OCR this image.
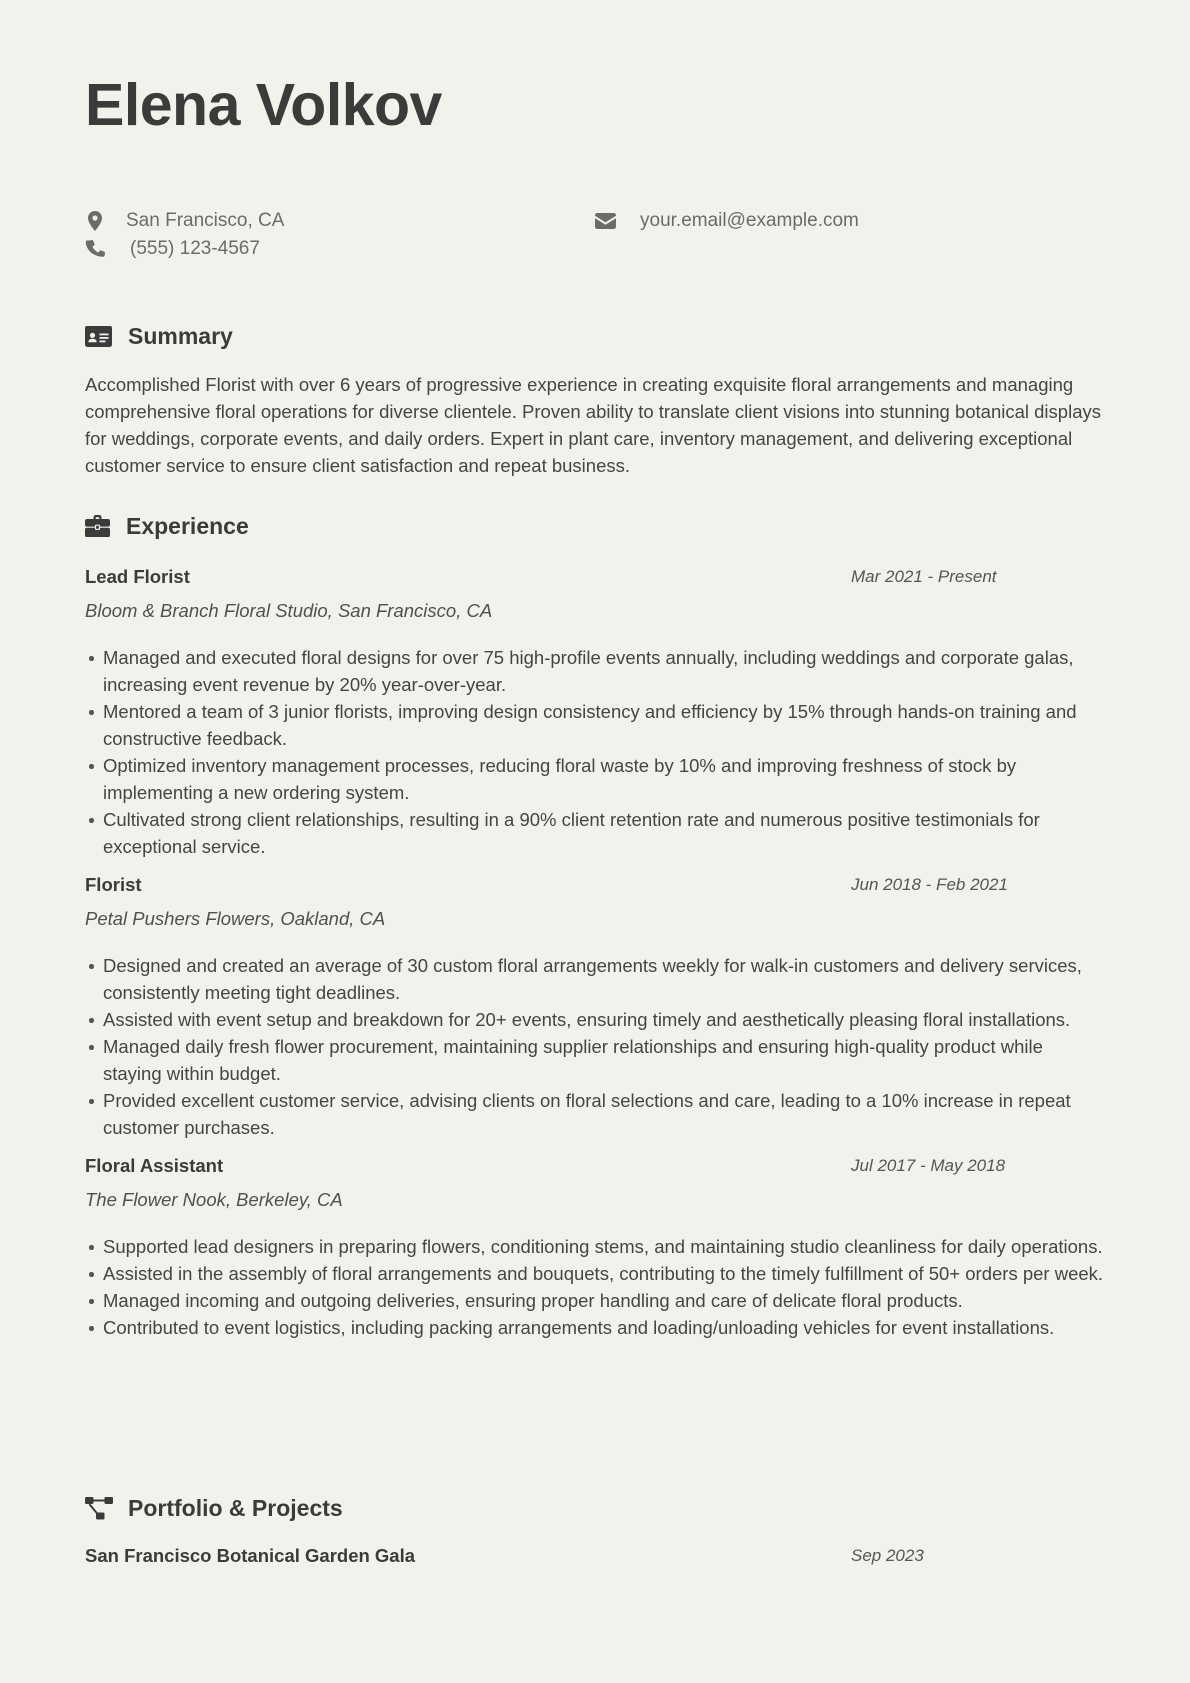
Elena Volkov
San Francisco, CA	your.email@example.com
(555) 123-4567
Summary

Accomplished Florist with over 6 years of progressive experience in creating exquisite floral arrangements and managing comprehensive floral operations for diverse clientele. Proven ability to translate client visions into stunning botanical displays for weddings, corporate events, and daily orders. Expert in plant care, inventory management, and delivering exceptional customer service to ensure client satisfaction and repeat business.

Experience
Lead Florist	Mar 2021 - Present
Bloom & Branch Floral Studio, San Francisco, CA
Managed and executed floral designs for over 75 high-profile events annually, including weddings and corporate galas, increasing event revenue by 20% year-over-year.
Mentored a team of 3 junior florists, improving design consistency and efficiency by 15% through hands-on training and constructive feedback.
Optimized inventory management processes, reducing floral waste by 10% and improving freshness of stock by implementing a new ordering system.
Cultivated strong client relationships, resulting in a 90% client retention rate and numerous positive testimonials for exceptional service.
Florist	Jun 2018 - Feb 2021
Petal Pushers Flowers, Oakland, CA
Designed and created an average of 30 custom floral arrangements weekly for walk-in customers and delivery services, consistently meeting tight deadlines.
Assisted with event setup and breakdown for 20+ events, ensuring timely and aesthetically pleasing floral installations.
Managed daily fresh flower procurement, maintaining supplier relationships and ensuring high-quality product while staying within budget.
Provided excellent customer service, advising clients on floral selections and care, leading to a 10% increase in repeat customer purchases.
Floral Assistant	Jul 2017 - May 2018
The Flower Nook, Berkeley, CA
Supported lead designers in preparing flowers, conditioning stems, and maintaining studio cleanliness for daily operations.
Assisted in the assembly of floral arrangements and bouquets, contributing to the timely fulfillment of 50+ orders per week.
Managed incoming and outgoing deliveries, ensuring proper handling and care of delicate floral products.
Contributed to event logistics, including packing arrangements and loading/unloading vehicles for event installations.
Portfolio & Projects
San Francisco Botanical Garden Gala	Sep 2023
